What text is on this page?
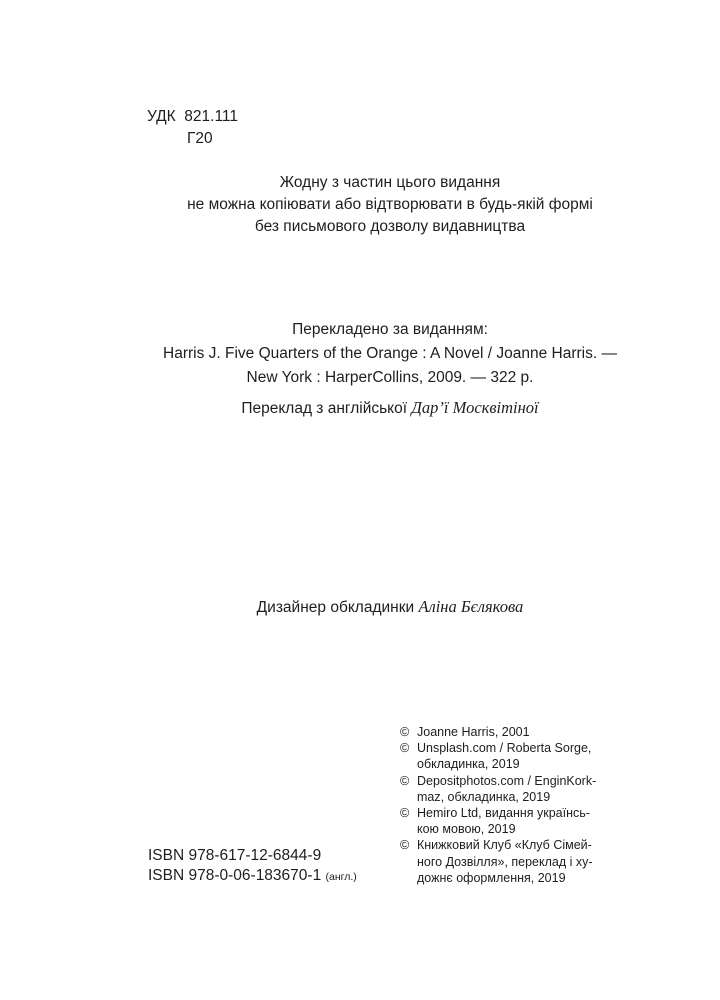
УДК  821.111
Г20
Жодну з частин цього видання
не можна копіювати або відтворювати в будь-якій формі
без письмового дозволу видавництва
Перекладено за виданням:
Harris J. Five Quarters of the Orange : A Novel / Joanne Harris. —
New York : HarperCollins, 2009. — 322 p.
Переклад з англійської Дар’ї Москвітіної
Дизайнер обкладинки Аліна Бєлякова
© Joanne Harris, 2001
© Unsplash.com / Roberta Sorge,
обкладинка, 2019
© Depositphotos.com / EnginKork-
maz, обкладинка, 2019
© Hemiro Ltd, видання українсь-
кою мовою, 2019
© Книжковий Клуб «Клуб Сімей-
ного Дозвілля», переклад і ху-
дожнє оформлення, 2019
ISBN 978-617-12-6844-9
ISBN 978-0-06-183670-1 (англ.)
